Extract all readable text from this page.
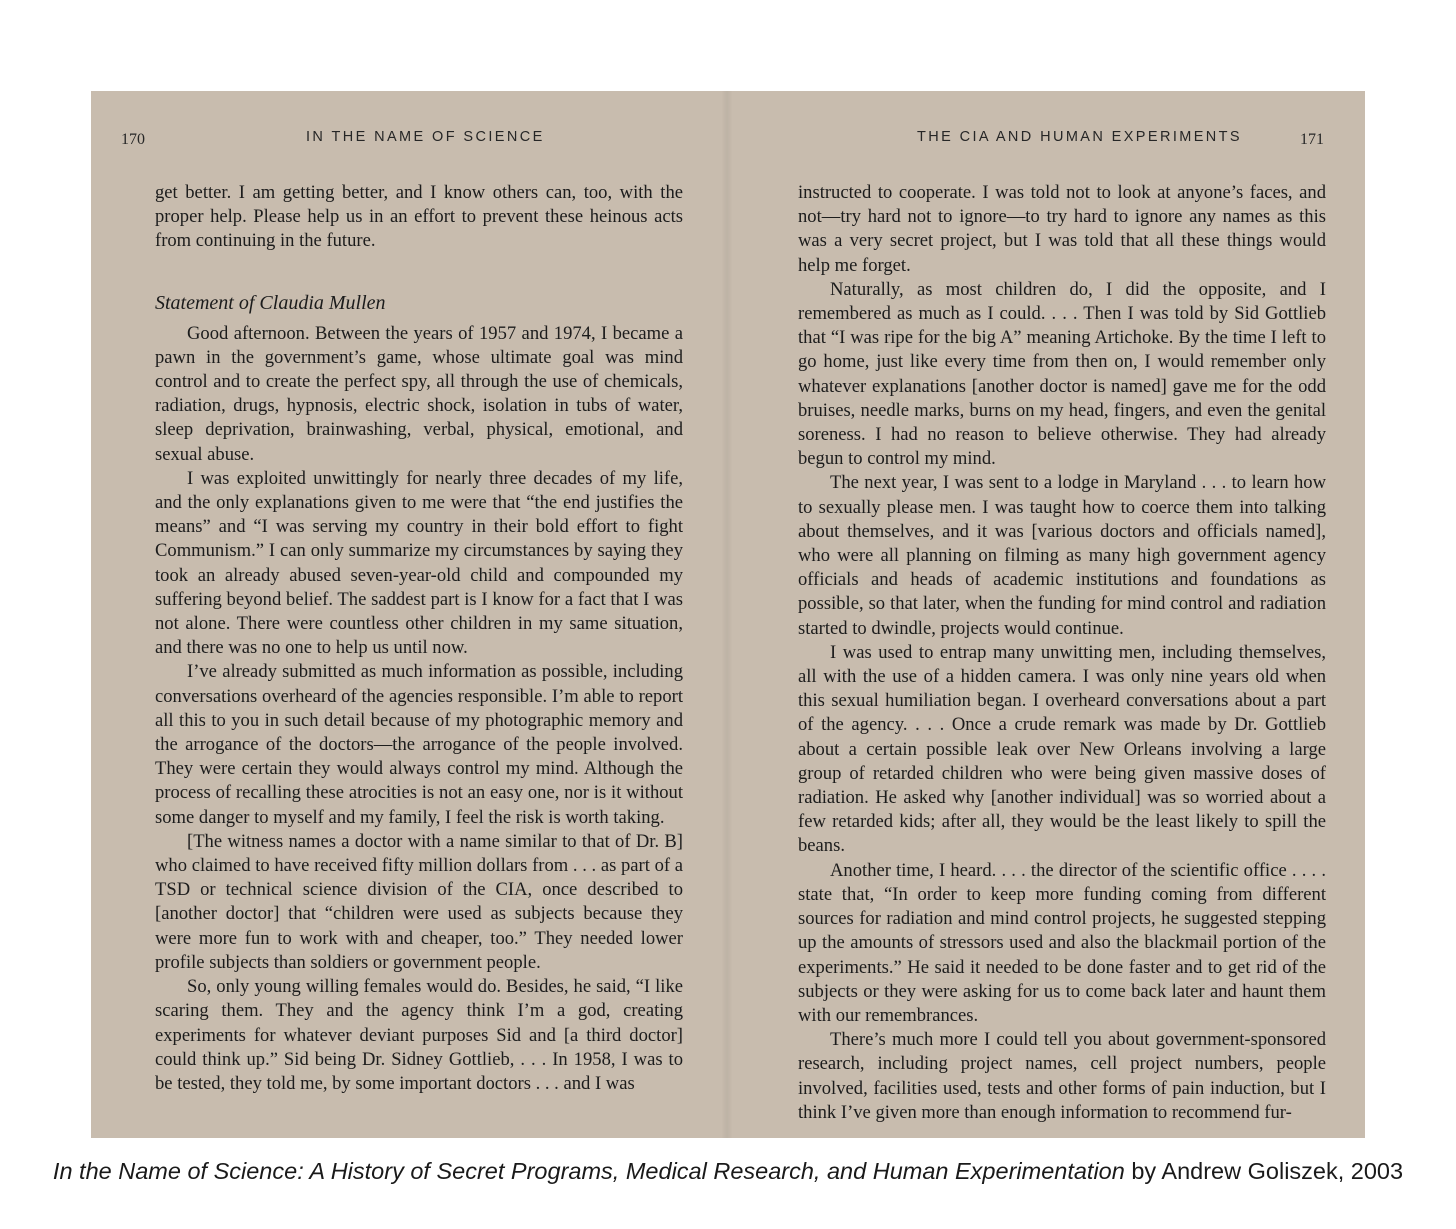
170	IN THE NAME OF SCIENCE

get better. I am getting better, and I know others can, too, with the proper help. Please help us in an effort to prevent these heinous acts from continuing in the future.

Statement of Claudia Mullen

Good afternoon. Between the years of 1957 and 1974, I became a pawn in the government’s game, whose ultimate goal was mind control and to create the perfect spy, all through the use of chemicals, radiation, drugs, hypnosis, electric shock, isolation in tubs of water, sleep deprivation, brainwashing, verbal, physical, emotional, and sexual abuse.

I was exploited unwittingly for nearly three decades of my life, and the only explanations given to me were that “the end justifies the means” and “I was serving my country in their bold effort to fight Communism.” I can only summarize my circumstances by saying they took an already abused seven-year-old child and compounded my suffering beyond belief. The saddest part is I know for a fact that I was not alone. There were countless other children in my same situation, and there was no one to help us until now.

I’ve already submitted as much information as possible, including conversations overheard of the agencies responsible. I’m able to report all this to you in such detail because of my photographic memory and the arrogance of the doctors—the arrogance of the people involved. They were certain they would always control my mind. Although the process of recalling these atrocities is not an easy one, nor is it without some danger to myself and my family, I feel the risk is worth taking.

[The witness names a doctor with a name similar to that of Dr. B] who claimed to have received fifty million dollars from . . . as part of a TSD or technical science division of the CIA, once described to [another doctor] that “children were used as subjects because they were more fun to work with and cheaper, too.” They needed lower profile subjects than soldiers or government people.

So, only young willing females would do. Besides, he said, “I like scaring them. They and the agency think I’m a god, creating experiments for whatever deviant purposes Sid and [a third doctor] could think up.” Sid being Dr. Sidney Gottlieb, . . . In 1958, I was to be tested, they told me, by some important doctors . . . and I was

THE CIA AND HUMAN EXPERIMENTS	171

instructed to cooperate. I was told not to look at anyone’s faces, and not—try hard not to ignore—to try hard to ignore any names as this was a very secret project, but I was told that all these things would help me forget.

Naturally, as most children do, I did the opposite, and I remembered as much as I could. . . . Then I was told by Sid Gottlieb that “I was ripe for the big A” meaning Artichoke. By the time I left to go home, just like every time from then on, I would remember only whatever explanations [another doctor is named] gave me for the odd bruises, needle marks, burns on my head, fingers, and even the genital soreness. I had no reason to believe otherwise. They had already begun to control my mind.

The next year, I was sent to a lodge in Maryland . . . to learn how to sexually please men. I was taught how to coerce them into talking about themselves, and it was [various doctors and officials named], who were all planning on filming as many high government agency officials and heads of academic institutions and foundations as possible, so that later, when the funding for mind control and radiation started to dwindle, projects would continue.

I was used to entrap many unwitting men, including themselves, all with the use of a hidden camera. I was only nine years old when this sexual humiliation began. I overheard conversations about a part of the agency. . . . Once a crude remark was made by Dr. Gottlieb about a certain possible leak over New Orleans involving a large group of retarded children who were being given massive doses of radiation. He asked why [another individual] was so worried about a few retarded kids; after all, they would be the least likely to spill the beans.

Another time, I heard. . . . the director of the scientific office . . . . state that, “In order to keep more funding coming from different sources for radiation and mind control projects, he suggested stepping up the amounts of stressors used and also the blackmail portion of the experiments.” He said it needed to be done faster and to get rid of the subjects or they were asking for us to come back later and haunt them with our remembrances.

There’s much more I could tell you about government-sponsored research, including project names, cell project numbers, people involved, facilities used, tests and other forms of pain induction, but I think I’ve given more than enough information to recommend fur-

In the Name of Science: A History of Secret Programs, Medical Research, and Human Experimentation by Andrew Goliszek, 2003
